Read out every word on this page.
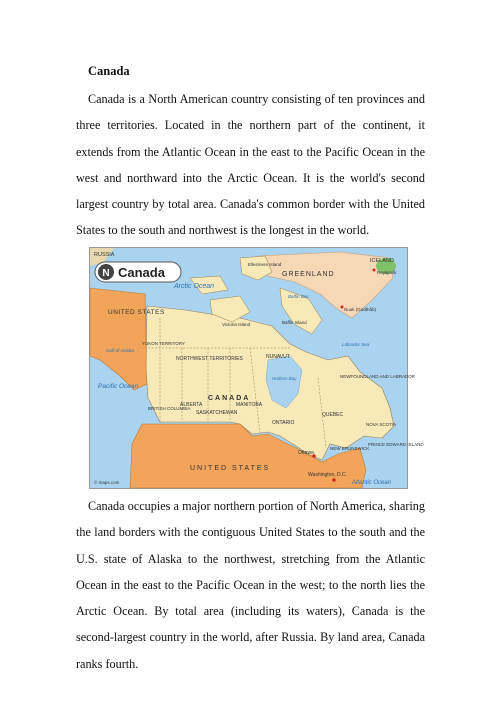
Canada
Canada is a North American country consisting of ten provinces and three territories. Located in the northern part of the continent, it extends from the Atlantic Ocean in the east to the Pacific Ocean in the west and northward into the Arctic Ocean. It is the world's second largest country by total area. Canada's common border with the United States to the south and northwest is the longest in the world.
N Canada
RUSSIA
Arctic Ocean
Ellesmere Island
GREENLAND
ICELAND
Reykjavík
Baffin Bay
Baffin Island
Victoria Island
Nuuk (Godthåb)
UNITED STATES
Gulf of Alaska
YUKON TERRITORY
NORTHWEST TERRITORIES	NUNAVUT
Labrador Sea
NEWFOUNDLAND AND LABRADOR
Pacific Ocean
Hudson Bay
CANADA
ALBERTA	MANITOBA
BRITISH COLUMBIA
SASKATCHEWAN	QUEBEC
ONTARIO	NOVA SCOTIA
PRINCE EDWARD ISLAND
NEW BRUNSWICK
Ottawa
UNITED STATES
Washington, D.C.
Atlantic Ocean
© maps.com
Canada occupies a major northern portion of North America, sharing the land borders with the contiguous United States to the south and the U.S. state of Alaska to the northwest, stretching from the Atlantic Ocean in the east to the Pacific Ocean in the west; to the north lies the Arctic Ocean. By total area (including its waters), Canada is the second-largest country in the world, after Russia. By land area, Canada ranks fourth.
